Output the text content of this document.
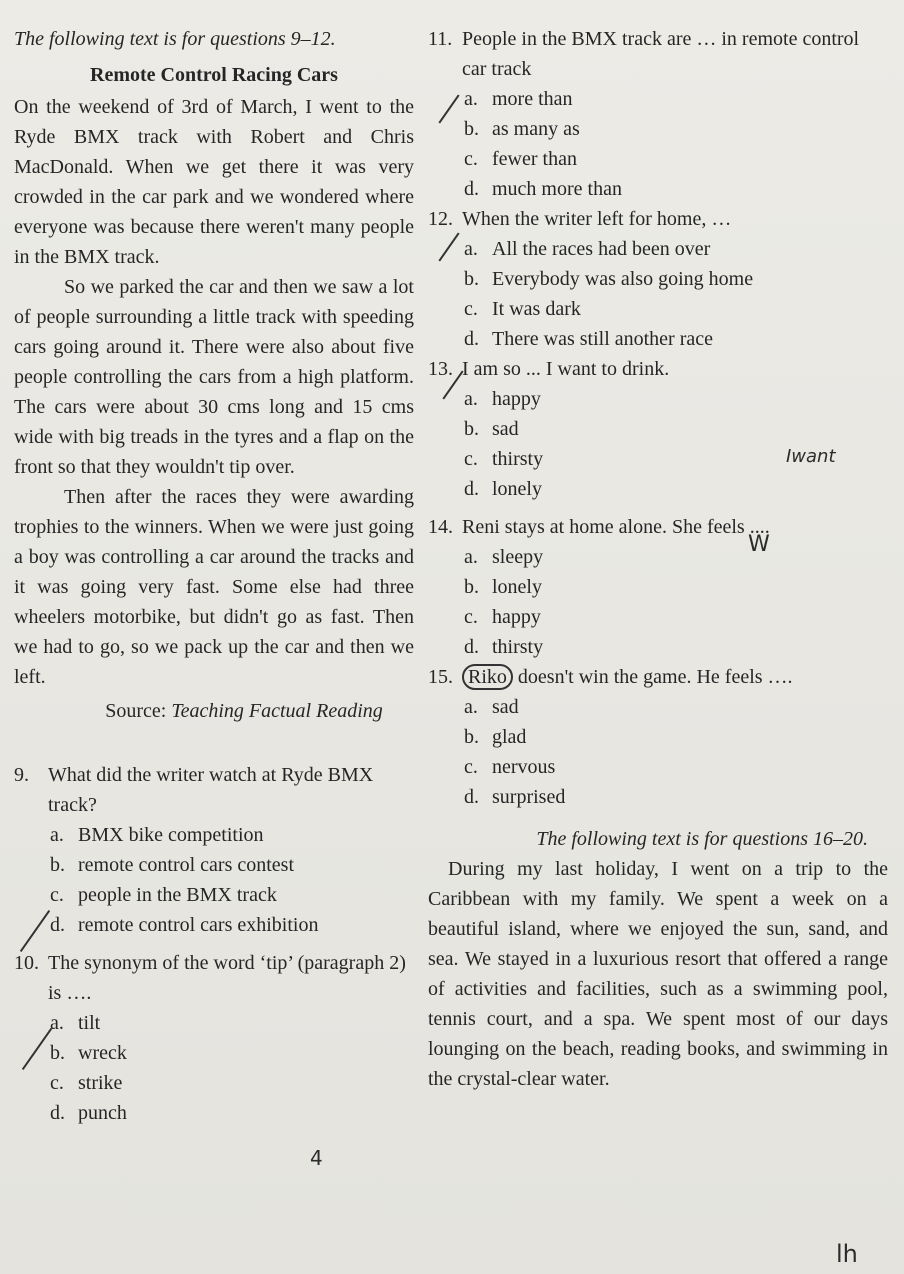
The following text is for questions 9–12.

Remote Control Racing Cars

On the weekend of 3rd of March, I went to the Ryde BMX track with Robert and Chris MacDonald. When we get there it was very crowded in the car park and we wondered where everyone was because there weren't many people in the BMX track.

So we parked the car and then we saw a lot of people surrounding a little track with speeding cars going around it. There were also about five people controlling the cars from a high platform. The cars were about 30 cms long and 15 cms wide with big treads in the tyres and a flap on the front so that they wouldn't tip over.

Then after the races they were awarding trophies to the winners. When we were just going a boy was controlling a car around the tracks and it was going very fast. Some else had three wheelers motorbike, but didn't go as fast. Then we had to go, so we pack up the car and then we left.

Source: Teaching Factual Reading

9. What did the writer watch at Ryde BMX track?
a. BMX bike competition
b. remote control cars contest
c. people in the BMX track
d. remote control cars exhibition
10. The synonym of the word ‘tip’ (paragraph 2) is ….
a. tilt
b. wreck
c. strike
d. punch
11. People in the BMX track are … in remote control car track
a. more than
b. as many as
c. fewer than
d. much more than
12. When the writer left for home, …
a. All the races had been over
b. Everybody was also going home
c. It was dark
d. There was still another race
13. I am so ... I want to drink.
a. happy
b. sad
c. thirsty
d. lonely
14. Reni stays at home alone. She feels ....
a. sleepy
b. lonely
c. happy
d. thirsty
15. Riko doesn't win the game. He feels ….
a. sad
b. glad
c. nervous
d. surprised

The following text is for questions 16–20.

During my last holiday, I went on a trip to the Caribbean with my family. We spent a week on a beautiful island, where we enjoyed the sun, sand, and sea. We stayed in a luxurious resort that offered a range of activities and facilities, such as a swimming pool, tennis court, and a spa. We spent most of our days lounging on the beach, reading books, and swimming in the crystal-clear water.

Iwant
W
4
lh
